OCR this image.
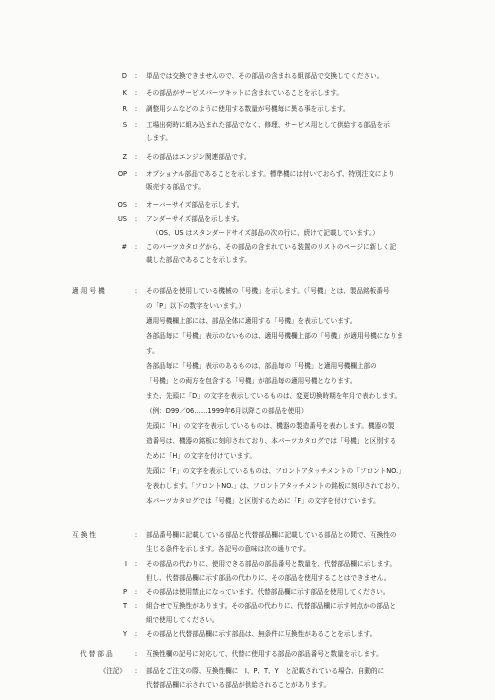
D : 単品では交換できませんので、その部品の含まれる組部品で交換してください。
K : その部品がサービスパーツキットに含まれていることを示します。
R : 調整用シムなどのように使用する数量が号機毎に異る事を示します。
S : 工場出荷時に組み込まれた部品でなく、修理、サービス用として供給する部品を示
します。
Z : その部品はエンジン関連部品です。
OP : オプショナル部品であることを示します。標準機には付いておらず、特別注文により
販売する部品です。
OS : オーバーサイズ部品を示します。
US : アンダーサイズ部品を示します。
（OS、US はスタンダードサイズ部品の次の行に、続けて記載しています。）
# : このパーツカタログから、その部品の含まれている装置のリストのページに新しく記
載した部品であることを示します。
適 用 号 機	: その部品を使用している機械の「号機」を示します。（「号機」とは、製品銘板番号
の「P」以下の数字をいいます。）
適用号機欄上部には、部品全体に適用する「号機」を表示しています。
各部品毎に「号機」表示のないものは、適用号機欄上部の「号機」が適用号機になりま
す。
各部品毎に「号機」表示のあるものは、部品毎の「号機」と適用号機欄上部の
「号機」との両方を包含する「号機」が部品毎の適用号機となります。
また、先頭に「D」の文字を表示しているものは、変更切換時期を年月で表わします。
（例：D99／06‥‥‥1999年6月以降この部品を使用）
先頭に「H」の文字を表示しているものは、機器の製造番号を表わします。機器の製
造番号は、機器の銘板に刻印されており、本パーツカタログでは「号機」と区別する
ために「H」の文字を付けています。
先頭に「F」の文字を表示しているものは、フロントアタッチメントの「フロントNO.」
を表わします。「フロントNO.」は、フロントアタッチメントの銘板に刻印されており、
本パーツカタログでは「号機」と区別するために「F」の文字を付けています。
互 換 性	: 部品番号欄に記載している部品と代替部品欄に記載している部品との間で、互換性の
生じる条件を示します。各記号の意味は次の通りです。
I : その部品の代わりに、使用できる部品の部品番号と数量を、代替部品欄に示します。
但し、代替部品欄に示す部品の代わりに、その部品を使用することはできません。
P : その部品は使用禁止になっています。代替部品欄に示す部品を使用してください。
T : 組合せで互換性があります。その部品の代わりに、代替部品欄に示す何点かの部品と
組で使用してください。
Y : その部品と代替部品欄に示す部品は、無条件に互換性があることを示します。
代 替 部 品	: 互換性欄の記号に対応して、代替に使用する部品の部品番号と数量を示します。
《注記》 : 部品をご注文の際、互換性欄に　I、P、T、Y　と記載されている場合、自動的に
代替部品欄に示されている部品が供給されることがあります。
